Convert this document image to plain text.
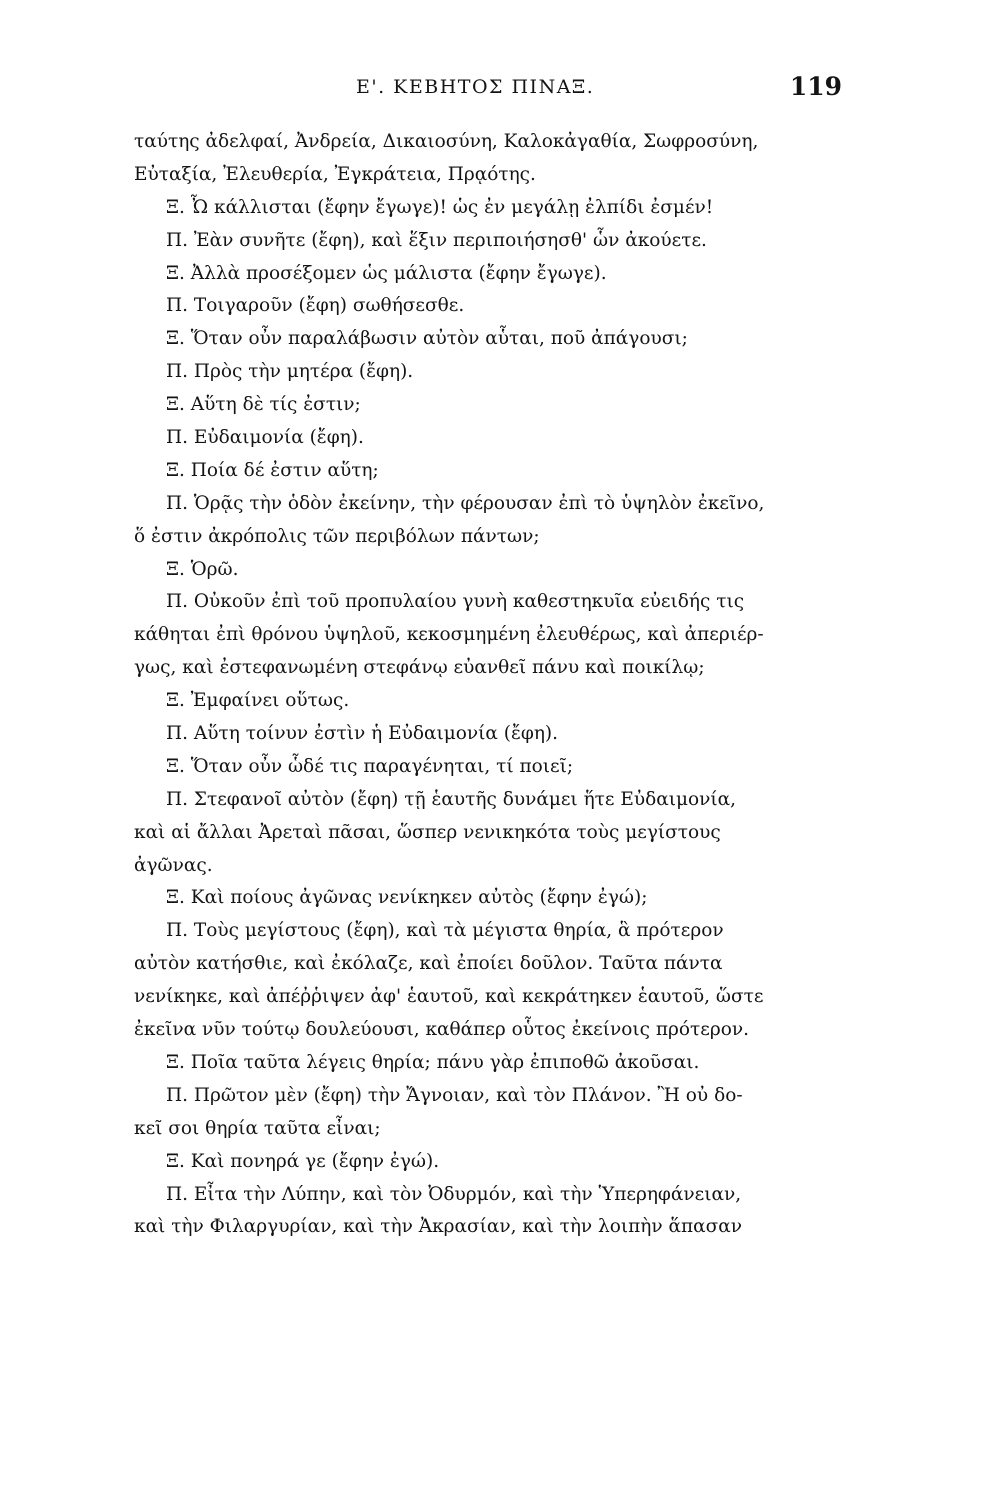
Ε'. ΚΕΒΗΤΟΣ ΠΙΝΑΞ.	119
ταύτης ἀδελφαί, Ἀνδρεία, Δικαιοσύνη, Καλοκἀγαθία, Σωφροσύνη,
Εὐταξία, Ἐλευθερία, Ἐγκράτεια, Πρᾳότης.
Ξ. Ὦ κάλλισται (ἔφην ἔγωγε)! ὡς ἐν μεγάλῃ ἐλπίδι ἐσμέν!
Π. Ἐὰν συνῆτε (ἔφη), καὶ ἕξιν περιποιήσησθ' ὧν ἀκούετε.
Ξ. Ἀλλὰ προσέξομεν ὡς μάλιστα (ἔφην ἔγωγε).
Π. Τοιγαροῦν (ἔφη) σωθήσεσθε.
Ξ. Ὅταν οὖν παραλάβωσιν αὐτὸν αὗται, ποῦ ἀπάγουσι;
Π. Πρὸς τὴν μητέρα (ἔφη).
Ξ. Αὕτη δὲ τίς ἐστιν;
Π. Εὐδαιμονία (ἔφη).
Ξ. Ποία δέ ἐστιν αὕτη;
Π. Ὁρᾷς τὴν ὁδὸν ἐκείνην, τὴν φέρουσαν ἐπὶ τὸ ὑψηλὸν ἐκεῖνο,
ὅ ἐστιν ἀκρόπολις τῶν περιβόλων πάντων;
Ξ. Ὁρῶ.
Π. Οὐκοῦν ἐπὶ τοῦ προπυλαίου γυνὴ καθεστηκυῖα εὐειδής τις
κάθηται ἐπὶ θρόνου ὑψηλοῦ, κεκοσμημένη ἐλευθέρως, καὶ ἀπεριέρ-
γως, καὶ ἐστεφανωμένη στεφάνῳ εὐανθεῖ πάνυ καὶ ποικίλῳ;
Ξ. Ἐμφαίνει οὕτως.
Π. Αὕτη τοίνυν ἐστὶν ἡ Εὐδαιμονία (ἔφη).
Ξ. Ὅταν οὖν ὧδέ τις παραγένηται, τί ποιεῖ;
Π. Στεφανοῖ αὐτὸν (ἔφη) τῇ ἑαυτῆς δυνάμει ἥτε Εὐδαιμονία,
καὶ αἱ ἄλλαι Ἀρεταὶ πᾶσαι, ὥσπερ νενικηκότα τοὺς μεγίστους
ἀγῶνας.
Ξ. Καὶ ποίους ἀγῶνας νενίκηκεν αὐτὸς (ἔφην ἐγώ);
Π. Τοὺς μεγίστους (ἔφη), καὶ τὰ μέγιστα θηρία, ἃ πρότερον
αὐτὸν κατήσθιε, καὶ ἐκόλαζε, καὶ ἐποίει δοῦλον. Ταῦτα πάντα
νενίκηκε, καὶ ἀπέῤῥιψεν ἀφ' ἑαυτοῦ, καὶ κεκράτηκεν ἑαυτοῦ, ὥστε
ἐκεῖνα νῦν τούτῳ δουλεύουσι, καθάπερ οὗτος ἐκείνοις πρότερον.
Ξ. Ποῖα ταῦτα λέγεις θηρία; πάνυ γὰρ ἐπιποθῶ ἀκοῦσαι.
Π. Πρῶτον μὲν (ἔφη) τὴν Ἄγνοιαν, καὶ τὸν Πλάνον. Ἢ οὐ δο-
κεῖ σοι θηρία ταῦτα εἶναι;
Ξ. Καὶ πονηρά γε (ἔφην ἐγώ).
Π. Εἶτα τὴν Λύπην, καὶ τὸν Ὀδυρμόν, καὶ τὴν Ὑπερηφάνειαν,
καὶ τὴν Φιλαργυρίαν, καὶ τὴν Ἀκρασίαν, καὶ τὴν λοιπὴν ἅπασαν
